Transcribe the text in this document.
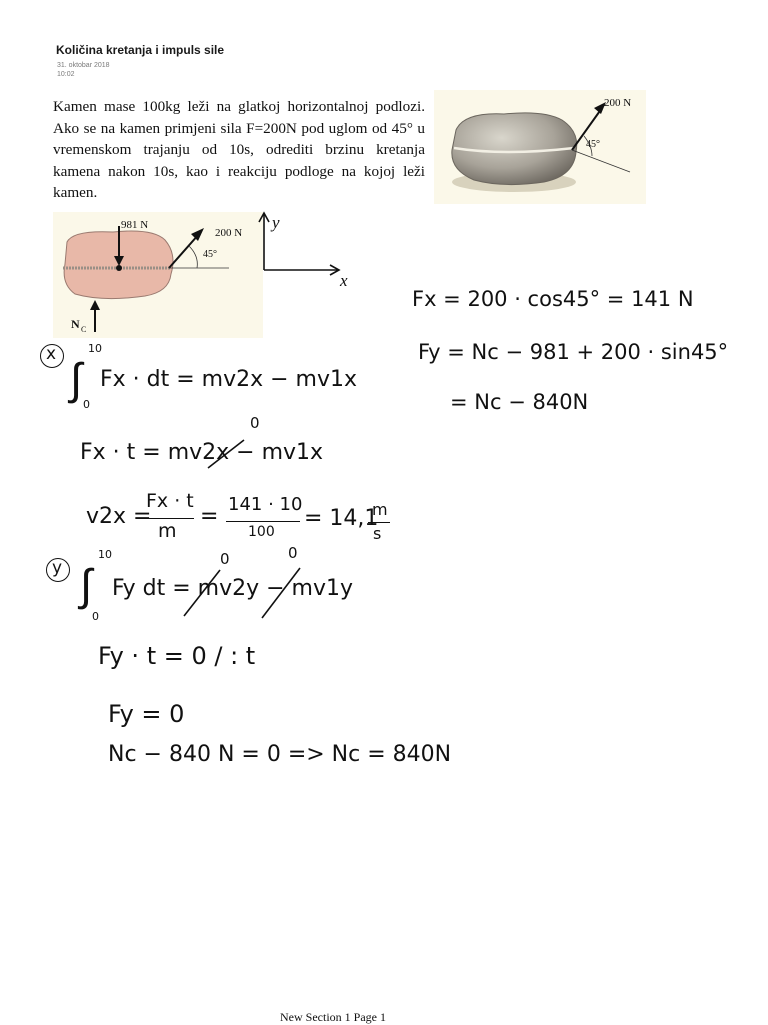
Količina kretanja i impuls sile
31. oktobar 2018
10:02
Kamen mase 100kg leži na glatkoj horizontalnoj podlozi. Ako se na kamen primjeni sila F=200N pod uglom od 45° u vremenskom trajanju od 10s, odrediti brzinu kretanja kamena nakon 10s, kao i reakciju podloge na kojoj leži kamen.
200 N
45°
981 N
200 N
45°
N C
y
x
Fx = 200 · cos45° = 141 N
Fy = Nc − 981 + 200 · sin45°
= Nc − 840N
x	10
∫ 0
Fx · dt = mv2x − mv1x
Fx · t = mv2x − mv1x
0
v2x =
Fx · t
m
= 141 · 10
100
= 14,1
m
s
y
10
∫
0
Fy dt = mv2y − mv1y
0	0
Fy · t = 0 / : t
Fy = 0
Nc − 840 N = 0 => Nc = 840N
New Section 1 Page 1
